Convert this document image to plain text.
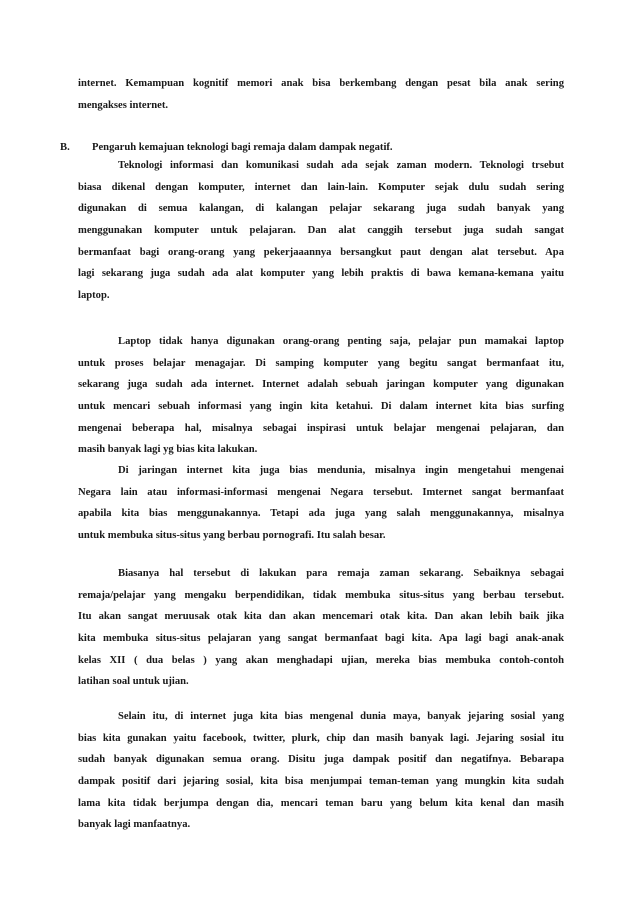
internet. Kemampuan kognitif memori anak bisa berkembang dengan pesat bila anak sering
mengakses internet.
B. Pengaruh kemajuan teknologi bagi remaja dalam dampak negatif.
Teknologi informasi dan komunikasi sudah ada sejak zaman modern. Teknologi trsebut
biasa dikenal dengan komputer, internet dan lain-lain. Komputer sejak dulu sudah sering
digunakan di semua kalangan, di kalangan pelajar sekarang juga sudah banyak yang
menggunakan komputer untuk pelajaran. Dan alat canggih tersebut juga sudah sangat
bermanfaat bagi orang-orang yang pekerjaaannya bersangkut paut dengan alat tersebut. Apa
lagi sekarang juga sudah ada alat komputer yang lebih praktis di bawa kemana-kemana yaitu
laptop.
Laptop tidak hanya digunakan orang-orang penting saja, pelajar pun mamakai laptop
untuk proses belajar menagajar. Di samping komputer yang begitu sangat bermanfaat itu,
sekarang juga sudah ada internet. Internet adalah sebuah jaringan komputer yang digunakan
untuk mencari sebuah informasi yang ingin kita ketahui. Di dalam internet kita bias surfing
mengenai beberapa hal, misalnya sebagai inspirasi untuk belajar mengenai pelajaran, dan
masih banyak lagi yg bias kita lakukan.
Di jaringan internet kita juga bias mendunia, misalnya ingin mengetahui mengenai
Negara lain atau informasi-informasi mengenai Negara tersebut. Imternet sangat bermanfaat
apabila kita bias menggunakannya. Tetapi ada juga yang salah menggunakannya, misalnya
untuk membuka situs-situs yang berbau pornografi. Itu salah besar.
Biasanya hal tersebut di lakukan para remaja zaman sekarang. Sebaiknya sebagai
remaja/pelajar yang mengaku berpendidikan, tidak membuka situs-situs yang berbau tersebut.
Itu akan sangat meruusak otak kita dan akan mencemari otak kita. Dan akan lebih baik jika
kita membuka situs-situs pelajaran yang sangat bermanfaat bagi kita. Apa lagi bagi anak-anak
kelas XII ( dua belas ) yang akan menghadapi ujian, mereka bias membuka contoh-contoh
latihan soal untuk ujian.
Selain itu, di internet juga kita bias mengenal dunia maya, banyak jejaring sosial yang
bias kita gunakan yaitu facebook, twitter, plurk, chip dan masih banyak lagi. Jejaring sosial itu
sudah banyak digunakan semua orang. Disitu juga dampak positif dan negatifnya. Bebarapa
dampak positif dari jejaring sosial, kita bisa menjumpai teman-teman yang mungkin kita sudah
lama kita tidak berjumpa dengan dia, mencari teman baru yang belum kita kenal dan masih
banyak lagi manfaatnya.
